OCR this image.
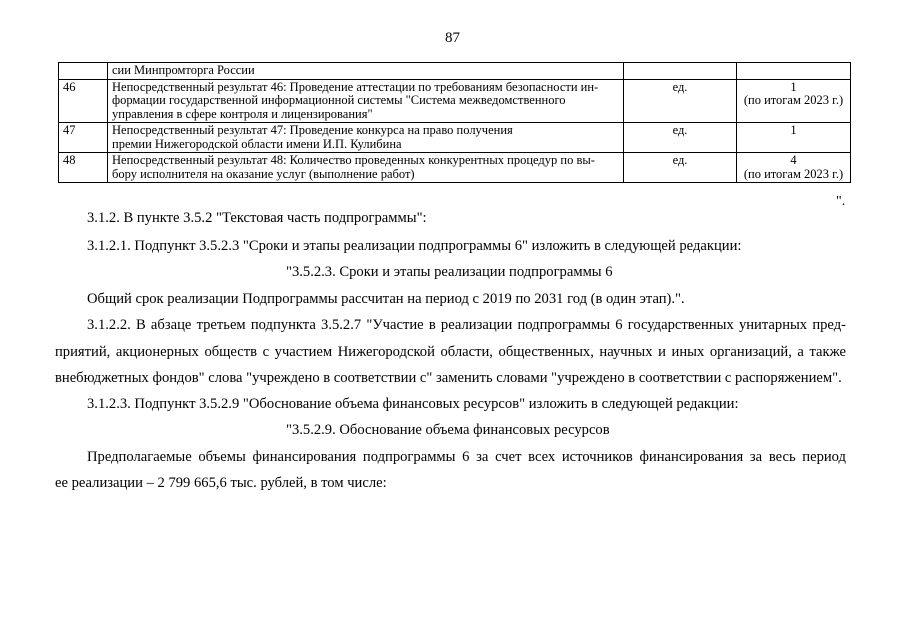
87

	сии Минпромторга России		

46	Непосредственный результат 46: Проведение аттестации по требованиям безопасности ин-
формации государственной информационной системы "Система межведомственного
управления в сфере контроля и лицензирования"	ед.	1
(по итогам 2023 г.)

47	Непосредственный результат 47: Проведение конкурса на право получения
премии Нижегородской области имени И.П. Кулибина	ед.	1

48	Непосредственный результат 48: Количество проведенных конкурентных процедур по вы-
бору исполнителя на оказание услуг (выполнение работ)	ед.	4
(по итогам 2023 г.)
".
3.1.2. В пункте 3.5.2 "Текстовая часть подпрограммы":
3.1.2.1. Подпункт 3.5.2.3 "Сроки и этапы реализации подпрограммы 6" изложить в следующей редакции:
"3.5.2.3. Сроки и этапы реализации подпрограммы 6
Общий срок реализации Подпрограммы рассчитан на период с 2019 по 2031 год (в один этап).".
3.1.2.2. В абзаце третьем подпункта 3.5.2.7 "Участие в реализации подпрограммы 6 государственных унитарных пред-
приятий, акционерных обществ с участием Нижегородской области, общественных, научных и иных организаций, а также
внебюджетных фондов" слова "учреждено в соответствии с" заменить словами "учреждено в соответствии с распоряжением".
3.1.2.3. Подпункт 3.5.2.9 "Обоснование объема финансовых ресурсов" изложить в следующей редакции:
"3.5.2.9. Обоснование объема финансовых ресурсов
Предполагаемые объемы финансирования подпрограммы 6 за счет всех источников финансирования за весь период
ее реализации – 2 799 665,6 тыс. рублей, в том числе:
